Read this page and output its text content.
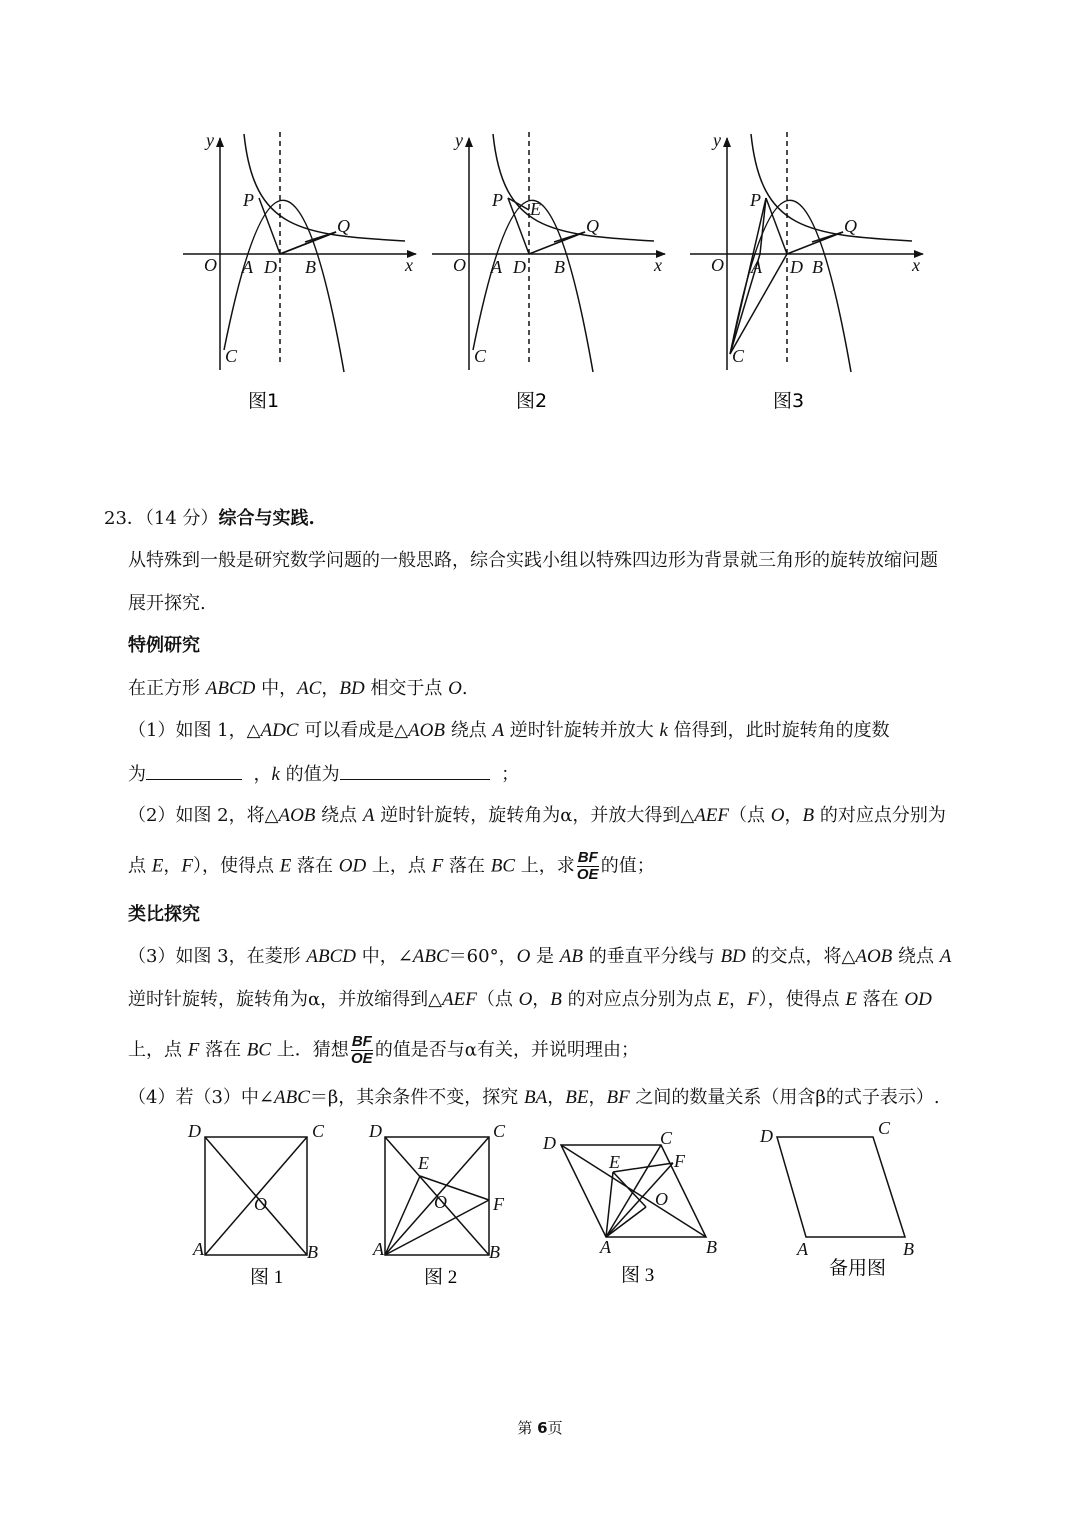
y
x
O A D B
P
Q
C
图1
y
x
O A D B
P E
Q
C
图2
y
x
O A D B
P
Q
C
图3
23．（14 分）综合与实践.
从特殊到一般是研究数学问题的一般思路，综合实践小组以特殊四边形为背景就三角形的旋转放缩问题
展开探究.
特例研究
在正方形 ABCD 中，AC，BD 相交于点 O.
（1）如图 1，△ADC 可以看成是△AOB 绕点 A 逆时针旋转并放大 k 倍得到，此时旋转角的度数
为	，k 的值为	；
（2）如图 2，将△AOB 绕点 A 逆时针旋转，旋转角为α，并放大得到△AEF（点 O，B 的对应点分别为
点 E，F），使得点 E 落在 OD 上，点 F 落在 BC 上，求 $\frac{BF}{OE}$ 的值；
类比探究
（3）如图 3，在菱形 ABCD 中，∠ABC＝60°，O 是 AB 的垂直平分线与 BD 的交点，将△AOB 绕点 A
逆时针旋转，旋转角为α，并放缩得到△AEF（点 O，B 的对应点分别为点 E，F），使得点 E 落在 OD
上，点 F 落在 BC 上．猜想 $\frac{BF}{OE}$ 的值是否与α有关，并说明理由；
（4）若（3）中∠ABC＝β，其余条件不变，探究 BA，BE，BF 之间的数量关系（用含β的式子表示）.
D	C
A	B
O
图 1
D	C
A	B
O
E
F
图 2
D	C
A	B
O
E	F
图 3
D	C
A	B
备用图
第 6页
